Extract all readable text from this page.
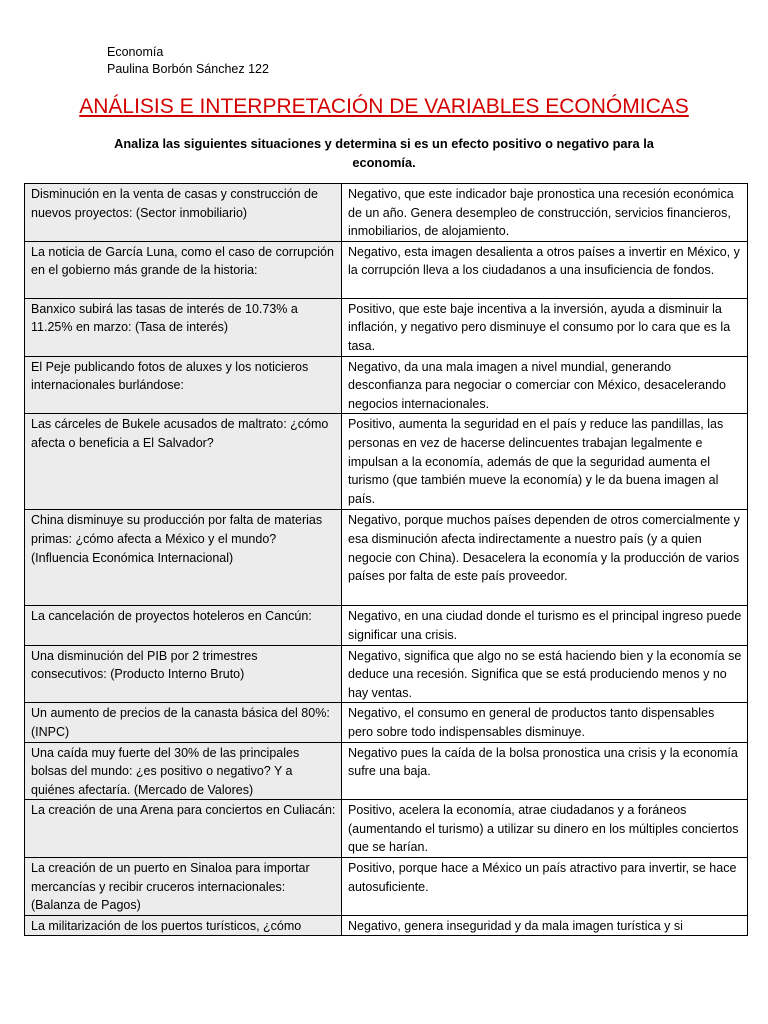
Economía
Paulina Borbón Sánchez 122
ANÁLISIS E INTERPRETACIÓN DE VARIABLES ECONÓMICAS
Analiza las siguientes situaciones y determina si es un efecto positivo o negativo para la economía.
Disminución en la venta de casas y construcción de nuevos proyectos: (Sector inmobiliario)	Negativo, que este indicador baje pronostica una recesión económica de un año. Genera desempleo de construcción, servicios financieros, inmobiliarios, de alojamiento.
La noticia de García Luna, como el caso de corrupción en el gobierno más grande de la historia:	Negativo, esta imagen desalienta a otros países a invertir en México, y la corrupción lleva a los ciudadanos a una insuficiencia de fondos.
Banxico subirá las tasas de interés de 10.73% a 11.25% en marzo: (Tasa de interés)	Positivo, que este baje incentiva a la inversión, ayuda a disminuir la inflación, y negativo pero disminuye el consumo por lo cara que es la tasa.
El Peje publicando fotos de aluxes y los noticieros internacionales burlándose:	Negativo, da una mala imagen a nivel mundial, generando desconfianza para negociar o comerciar con México, desacelerando negocios internacionales.
Las cárceles de Bukele acusados de maltrato: ¿cómo afecta o beneficia a El Salvador?	Positivo, aumenta la seguridad en el país y reduce las pandillas, las personas en vez de hacerse delincuentes trabajan legalmente e impulsan a la economía, además de que la seguridad aumenta el turismo (que también mueve la economía) y le da buena imagen al país.
China disminuye su producción por falta de materias primas: ¿cómo afecta a México y el mundo? (Influencia Económica Internacional)	Negativo, porque muchos países dependen de otros comercialmente y esa disminución afecta indirectamente a nuestro país (y a quien negocie con China). Desacelera la economía y la producción de varios países por falta de este país proveedor.
La cancelación de proyectos hoteleros en Cancún:	Negativo, en una ciudad donde el turismo es el principal ingreso puede significar una crisis.
Una disminución del PIB por 2 trimestres consecutivos: (Producto Interno Bruto)	Negativo, significa que algo no se está haciendo bien y la economía se deduce una recesión. Significa que se está produciendo menos y no hay ventas.
Un aumento de precios de la canasta básica del 80%: (INPC)	Negativo, el consumo en general de productos tanto dispensables pero sobre todo indispensables disminuye.
Una caída muy fuerte del 30% de las principales bolsas del mundo: ¿es positivo o negativo? Y a quiénes afectaría. (Mercado de Valores)	Negativo pues la caída de la bolsa pronostica una crisis y la economía sufre una baja.
La creación de una Arena para conciertos en Culiacán:	Positivo, acelera la economía, atrae ciudadanos y a foráneos (aumentando el turismo) a utilizar su dinero en los múltiples conciertos que se harían.
La creación de un puerto en Sinaloa para importar mercancías y recibir cruceros internacionales: (Balanza de Pagos)	Positivo, porque hace a México un país atractivo para invertir, se hace autosuficiente.
La militarización de los puertos turísticos, ¿cómo	Negativo, genera inseguridad y da mala imagen turística y si
